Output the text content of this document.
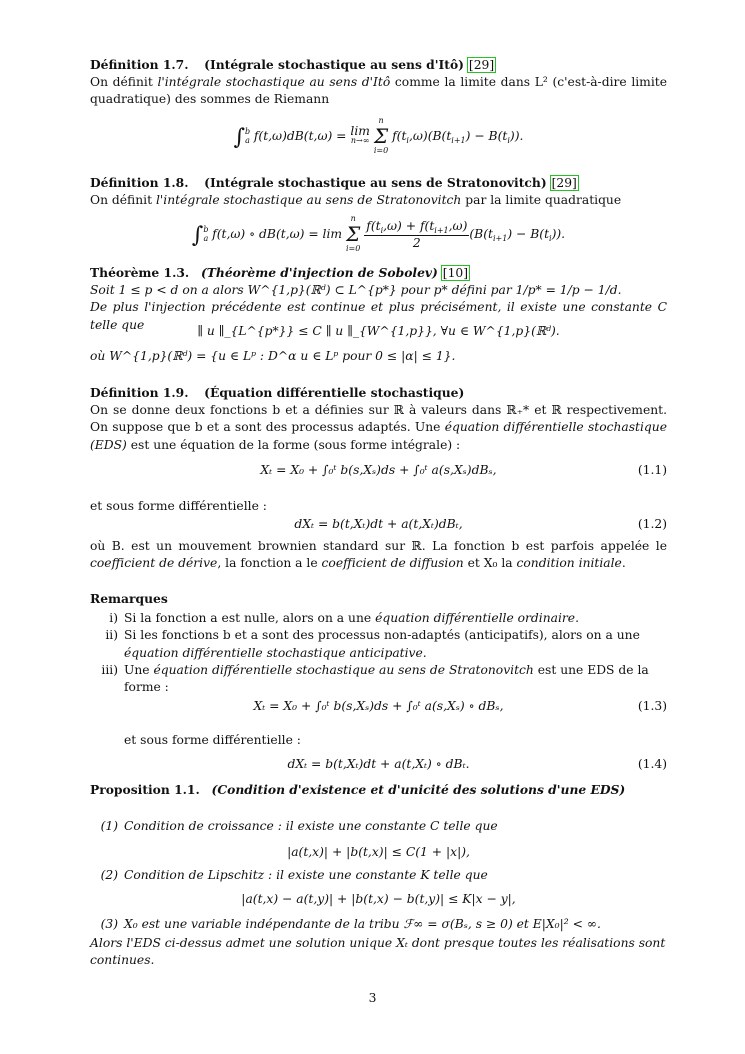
Définition 1.7. (Intégrale stochastique au sens d'Itô) [29]

On définit l'intégrale stochastique au sens d'Itô comme la limite dans L² (c'est-à-dire limite quadratique) des sommes de Riemann

∫$^b_a$ f(t,ω)dB(t,ω) = lim
n→∞

n
Σ
i=0
$f(t_i,\omega)(B(t_{i+1}) - B(t_i))$.

Définition 1.8. (Intégrale stochastique au sens de Stratonovitch) [29]

On définit l'intégrale stochastique au sens de Stratonovitch par la limite quadratique

∫$^b_a$ f(t,ω) ∘ dB(t,ω) = lim
n
Σ
i=0
$\frac{f(t_i,\omega) + f(t_{i+1},\omega)}{2} (B(t_{i+1}) - B(t_i))$.

Théorème 1.3. (Théorème d'injection de Sobolev) [10]

Soit 1 ≤ p < d on a alors W^{1,p}(ℝᵈ) ⊂ L^{p*} pour p* défini par 1/p* = 1/p − 1/d.

De plus l'injection précédente est continue et plus précisément, il existe une constante C telle que	∥ u ∥_{L^{p*}} ≤ C ∥ u ∥_{W^{1,p}}, ∀u ∈ W^{1,p}(ℝᵈ).
où W^{1,p}(ℝᵈ) = {u ∈ Lᵖ : D^α u ∈ Lᵖ pour 0 ≤ |α| ≤ 1}.

Définition 1.9. (Équation différentielle stochastique)

On se donne deux fonctions b et a définies sur ℝ à valeurs dans ℝ₊* et ℝ respectivement. On suppose que b et a sont des processus adaptés. Une équation différentielle stochastique (EDS) est une équation de la forme (sous forme intégrale) :

Xₜ = X₀ + ∫₀ᵗ b(s,Xₛ)ds + ∫₀ᵗ a(s,Xₛ)dBₛ,	(1.1)
et sous forme différentielle :
dXₜ = b(t,Xₜ)dt + a(t,Xₜ)dBₜ,	(1.2)

où B. est un mouvement brownien standard sur ℝ. La fonction b est parfois appelée le coefficient de dérive, la fonction a le coefficient de diffusion et X₀ la condition initiale.

Remarques

i) Si la fonction a est nulle, alors on a une équation différentielle ordinaire.
ii) Si les fonctions b et a sont des processus non-adaptés (anticipatifs), alors on a une équation différentielle stochastique anticipative.
iii) Une équation différentielle stochastique au sens de Stratonovitch est une EDS de la forme :
Xₜ = X₀ + ∫₀ᵗ b(s,Xₛ)ds + ∫₀ᵗ a(s,Xₛ) ∘ dBₛ,	(1.3)
et sous forme différentielle :
dXₜ = b(t,Xₜ)dt + a(t,Xₜ) ∘ dBₜ.	(1.4)

Proposition 1.1. (Condition d'existence et d'unicité des solutions d'une EDS)

(1) Condition de croissance : il existe une constante C telle que
|a(t,x)| + |b(t,x)| ≤ C(1 + |x|),
(2) Condition de Lipschitz : il existe une constante K telle que
|a(t,x) − a(t,y)| + |b(t,x) − b(t,y)| ≤ K|x − y|,
(3) X₀ est une variable indépendante de la tribu ℱ∞ = σ(Bₛ, s ≥ 0) et E|X₀|² < ∞.
Alors l'EDS ci-dessus admet une solution unique Xₜ dont presque toutes les réalisations sont continues.
3
